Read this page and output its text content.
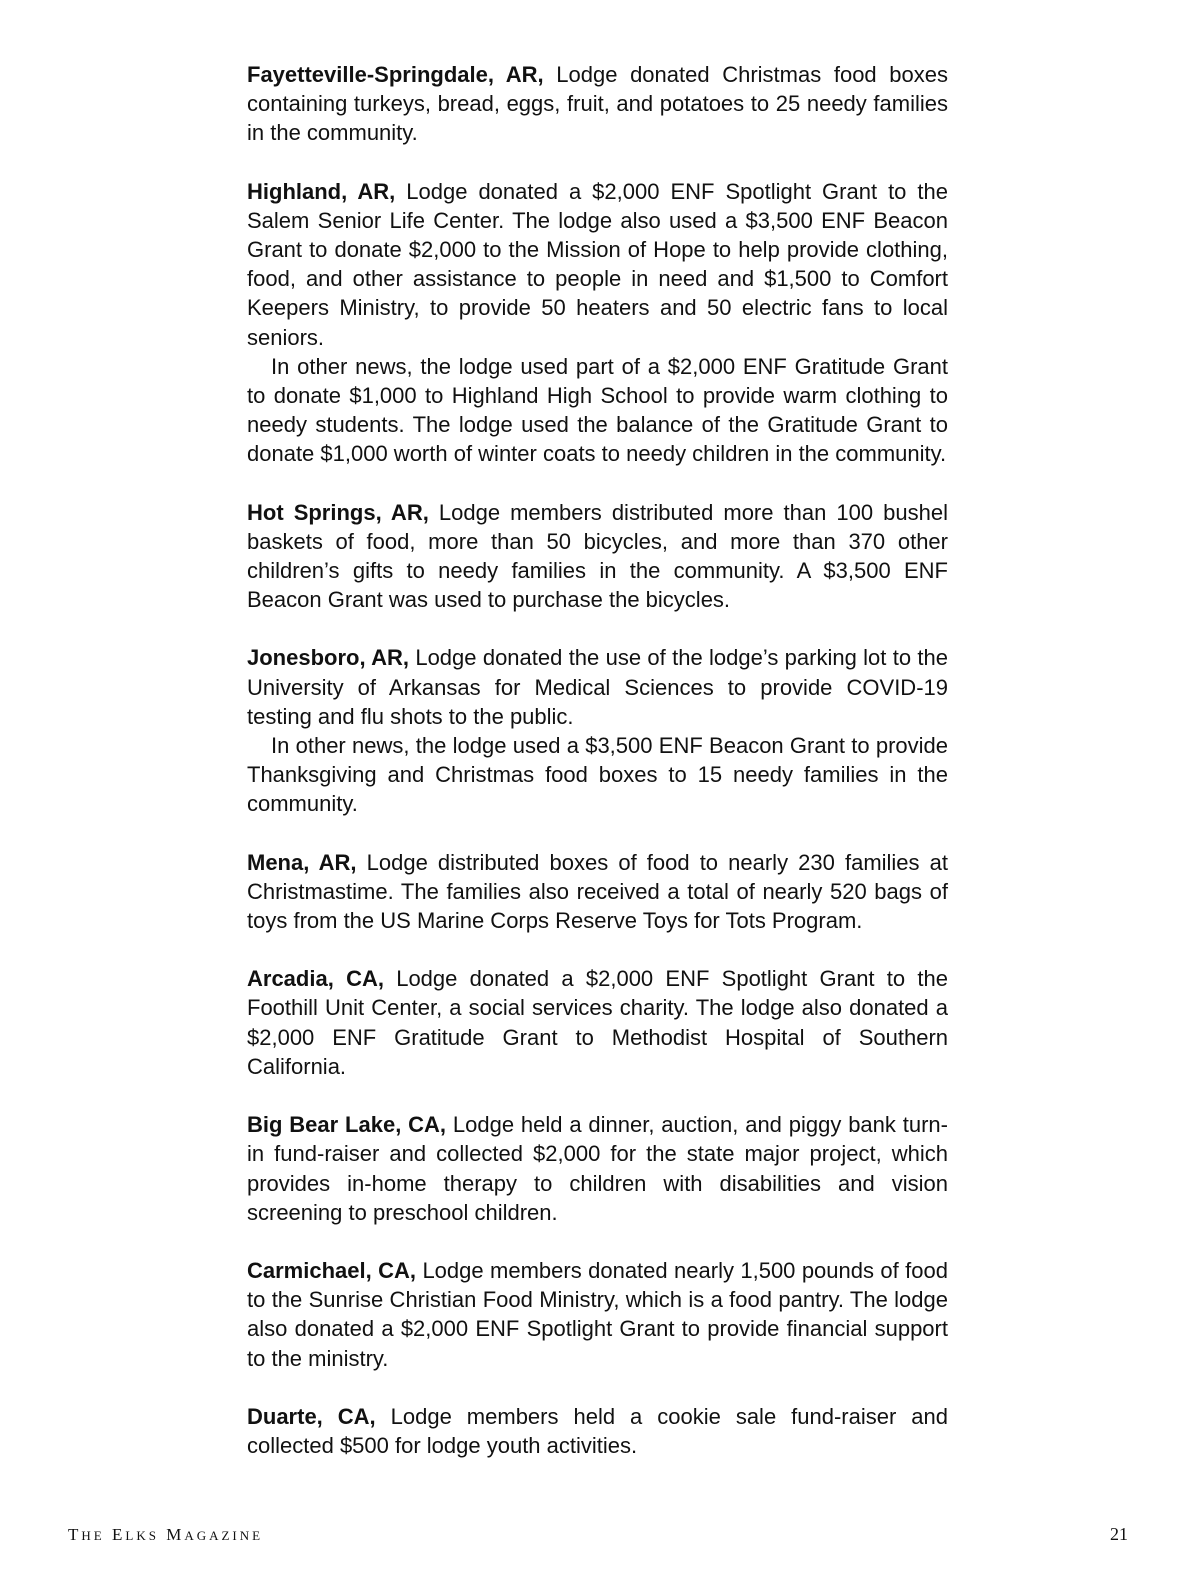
Fayetteville-Springdale, AR, Lodge donated Christmas food boxes containing turkeys, bread, eggs, fruit, and potatoes to 25 needy families in the community.

Highland, AR, Lodge donated a $2,000 ENF Spotlight Grant to the Salem Senior Life Center. The lodge also used a $3,500 ENF Beacon Grant to donate $2,000 to the Mission of Hope to help provide clothing, food, and other assistance to people in need and $1,500 to Comfort Keepers Ministry, to provide 50 heaters and 50 electric fans to local seniors.

In other news, the lodge used part of a $2,000 ENF Gratitude Grant to donate $1,000 to Highland High School to provide warm clothing to needy students. The lodge used the balance of the Gratitude Grant to donate $1,000 worth of winter coats to needy children in the community.

Hot Springs, AR, Lodge members distributed more than 100 bushel baskets of food, more than 50 bicycles, and more than 370 other children’s gifts to needy families in the community. A $3,500 ENF Beacon Grant was used to purchase the bicycles.

Jonesboro, AR, Lodge donated the use of the lodge’s parking lot to the University of Arkansas for Medical Sciences to provide COVID-19 testing and flu shots to the public.

In other news, the lodge used a $3,500 ENF Beacon Grant to provide Thanksgiving and Christmas food boxes to 15 needy families in the community.

Mena, AR, Lodge distributed boxes of food to nearly 230 families at Christmastime. The families also received a total of nearly 520 bags of toys from the US Marine Corps Reserve Toys for Tots Program.

Arcadia, CA, Lodge donated a $2,000 ENF Spotlight Grant to the Foothill Unit Center, a social services charity. The lodge also donated a $2,000 ENF Gratitude Grant to Methodist Hospital of Southern California.

Big Bear Lake, CA, Lodge held a dinner, auction, and piggy bank turn-in fund-raiser and collected $2,000 for the state major project, which provides in-home therapy to children with disabilities and vision screening to preschool children.

Carmichael, CA, Lodge members donated nearly 1,500 pounds of food to the Sunrise Christian Food Ministry, which is a food pantry. The lodge also donated a $2,000 ENF Spotlight Grant to provide financial support to the ministry.

Duarte, CA, Lodge members held a cookie sale fund-raiser and collected $500 for lodge youth activities.

THE ELKS MAGAZINE	21
